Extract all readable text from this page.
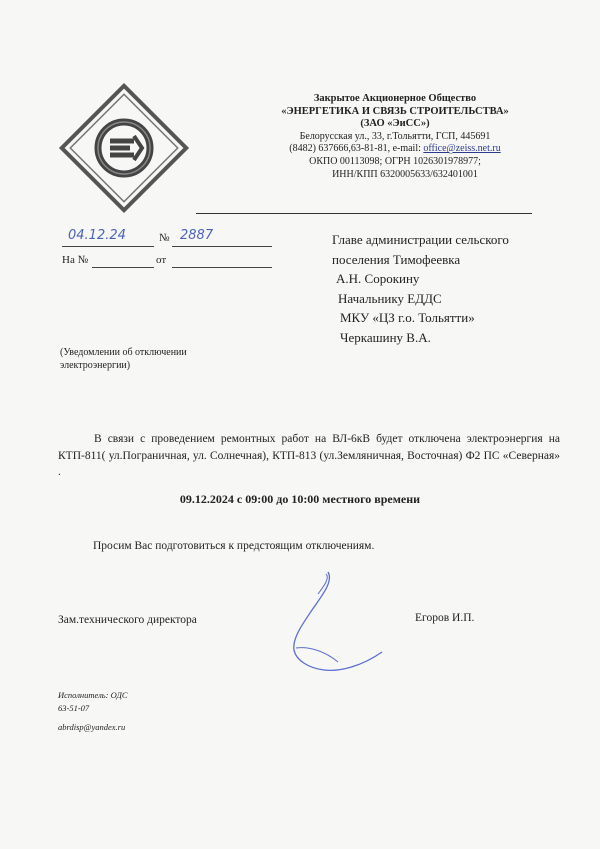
Закрытое Акционерное Общество
«ЭНЕРГЕТИКА И СВЯЗЬ СТРОИТЕЛЬСТВА»
(ЗАО «ЭиСС»)
Белорусская ул., 33, г.Тольятти, ГСП, 445691
(8482) 637666,63-81-81, e-mail: office@zeiss.net.ru
ОКПО 00113098; ОГРН 1026301978977;
ИНН/КПП 6320005633/632401001
04.12.24	№ 2887
На №	от
Главе администрации сельского
поселения Тимофеевка
А.Н. Сорокину
Начальнику ЕДДС
МКУ «ЦЗ г.о. Тольятти»
Черкашину В.А.
(Уведомлении об отключении
электроэнергии)

В связи с проведением ремонтных работ на ВЛ-6кВ будет отключена электроэнергия на КТП-811( ул.Пограничная, ул. Солнечная), КТП-813 (ул.Земляничная, Восточная) Ф2 ПС «Северная» .

09.12.2024 с 09:00 до 10:00 местного времени
Просим Вас подготовиться к предстоящим отключениям.
Зам.технического директора	Егоров И.П.
Исполнитель: ОДС
63-51-07
abrdisp@yandex.ru
